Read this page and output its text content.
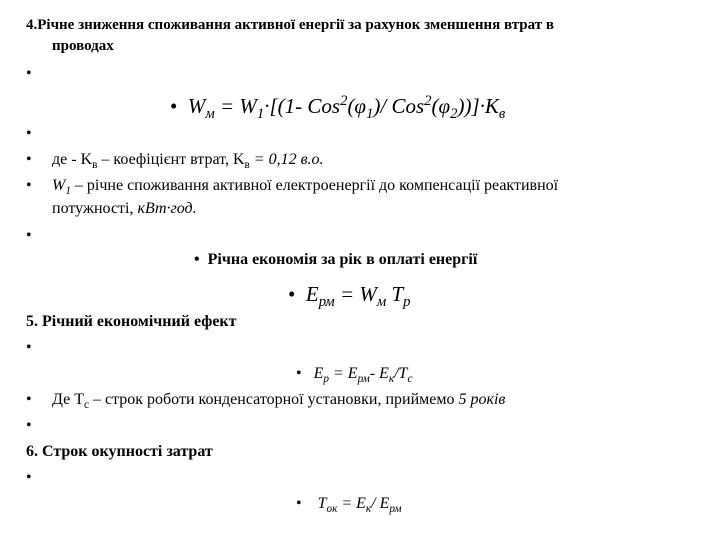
4.Річне зниження споживання активної енергії за рахунок зменшення втрат в
проводах
•
• $W_м = W_1\cdot[(1-$ $Cos^2(\varphi_1)/$ $Cos^2(\varphi_2))]\cdot K_в$
•
• де - $K_в$ – коефіцієнт втрат, $K_в = 0,12$ в.о.
• $W_1$ – річне споживання активної електроенергії до компенсації реактивної
потужності, кВт·год.
•
• Річна економія за рік в оплаті енергії
• $E_{рм} = W_м$ $T_p$
5. Річний економічний ефект
•
• $E_p = E_{рм}-$ $E_к/T_c$
• Де $T_c$ – строк роботи конденсаторної установки, приймемо 5 років
•
6. Строк окупності затрат
•
• $T_{ок} = E_к/$ $E_{рм}$
